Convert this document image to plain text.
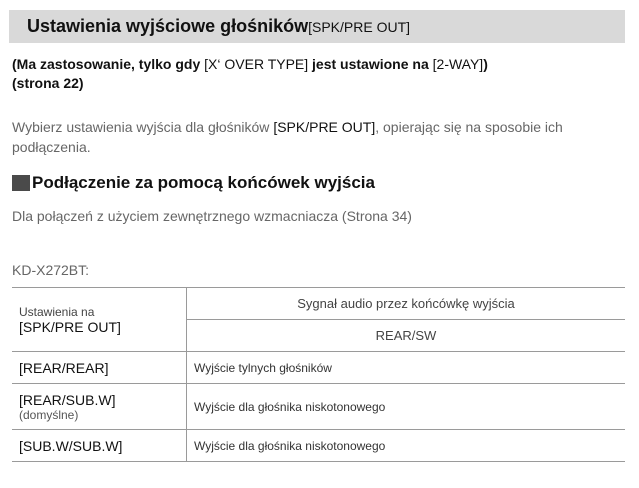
Ustawienia wyjściowe głośników [SPK/PRE OUT]
(Ma zastosowanie, tylko gdy [X‘ OVER TYPE] jest ustawione na [2-WAY])
(strona 22)
Wybierz ustawienia wyjścia dla głośników [SPK/PRE OUT], opierając się na sposobie ich podłączenia.
Podłączenie za pomocą końcówek wyjścia
Dla połączeń z użyciem zewnętrznego wzmacniacza (Strona 34)
KD-X272BT:
Ustawienia na
[SPK/PRE OUT]	Sygnał audio przez końcówkę wyjścia
	REAR/SW
[REAR/REAR]	Wyjście tylnych głośników
[REAR/SUB.W]
(domyślne)	Wyjście dla głośnika niskotonowego
[SUB.W/SUB.W]	Wyjście dla głośnika niskotonowego
